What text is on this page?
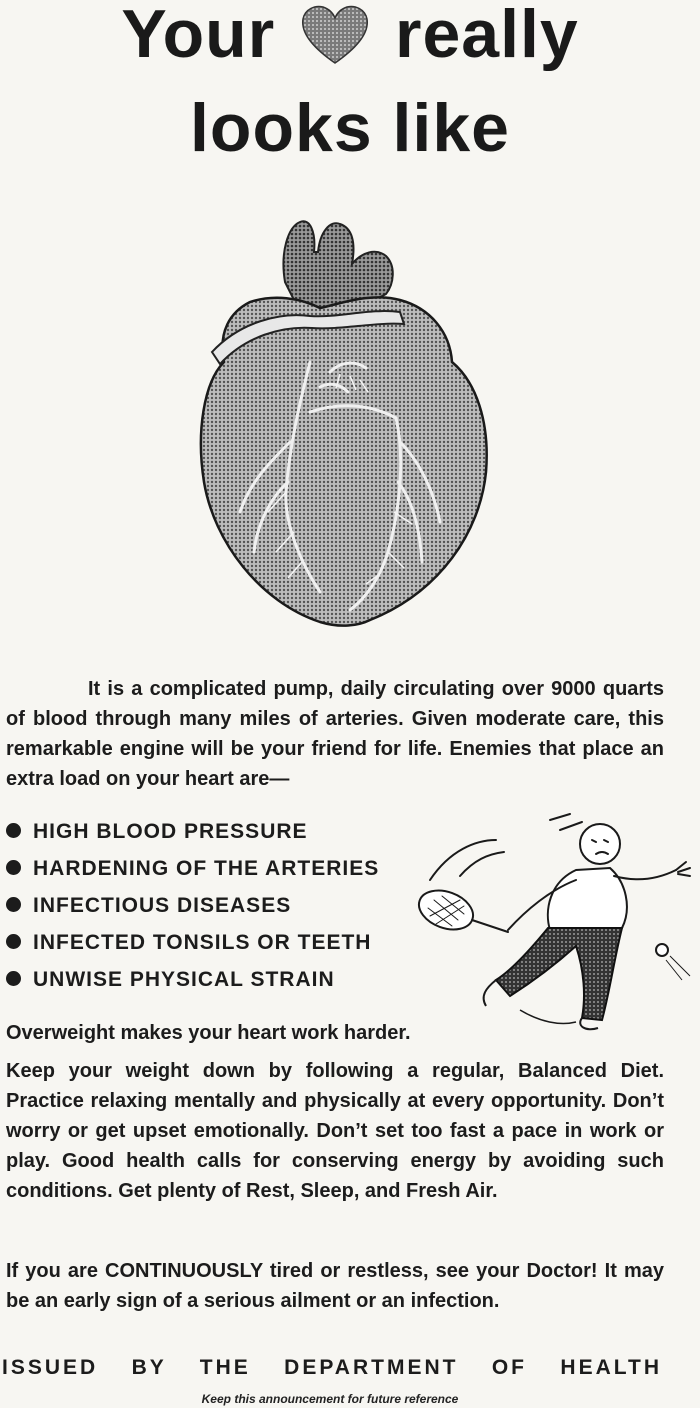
Your really
looks like
It is a complicated pump, daily circulating over 9000 quarts of blood through many miles of arteries. Given moderate care, this remarkable engine will be your friend for life. Enemies that place an extra load on your heart are—
HIGH BLOOD PRESSURE
HARDENING OF THE ARTERIES
INFECTIOUS DISEASES
INFECTED TONSILS OR TEETH
UNWISE PHYSICAL STRAIN
Overweight makes your heart work harder.
Keep your weight down by following a regular, Balanced Diet. Practice relaxing mentally and physically at every opportunity. Don’t worry or get upset emotionally. Don’t set too fast a pace in work or play. Good health calls for conserving energy by avoiding such conditions. Get plenty of Rest, Sleep, and Fresh Air.
If you are CONTINUOUSLY tired or restless, see your Doctor! It may be an early sign of a serious ailment or an infection.
ISSUED BY THE DEPARTMENT OF HEALTH
Keep this announcement for future reference
